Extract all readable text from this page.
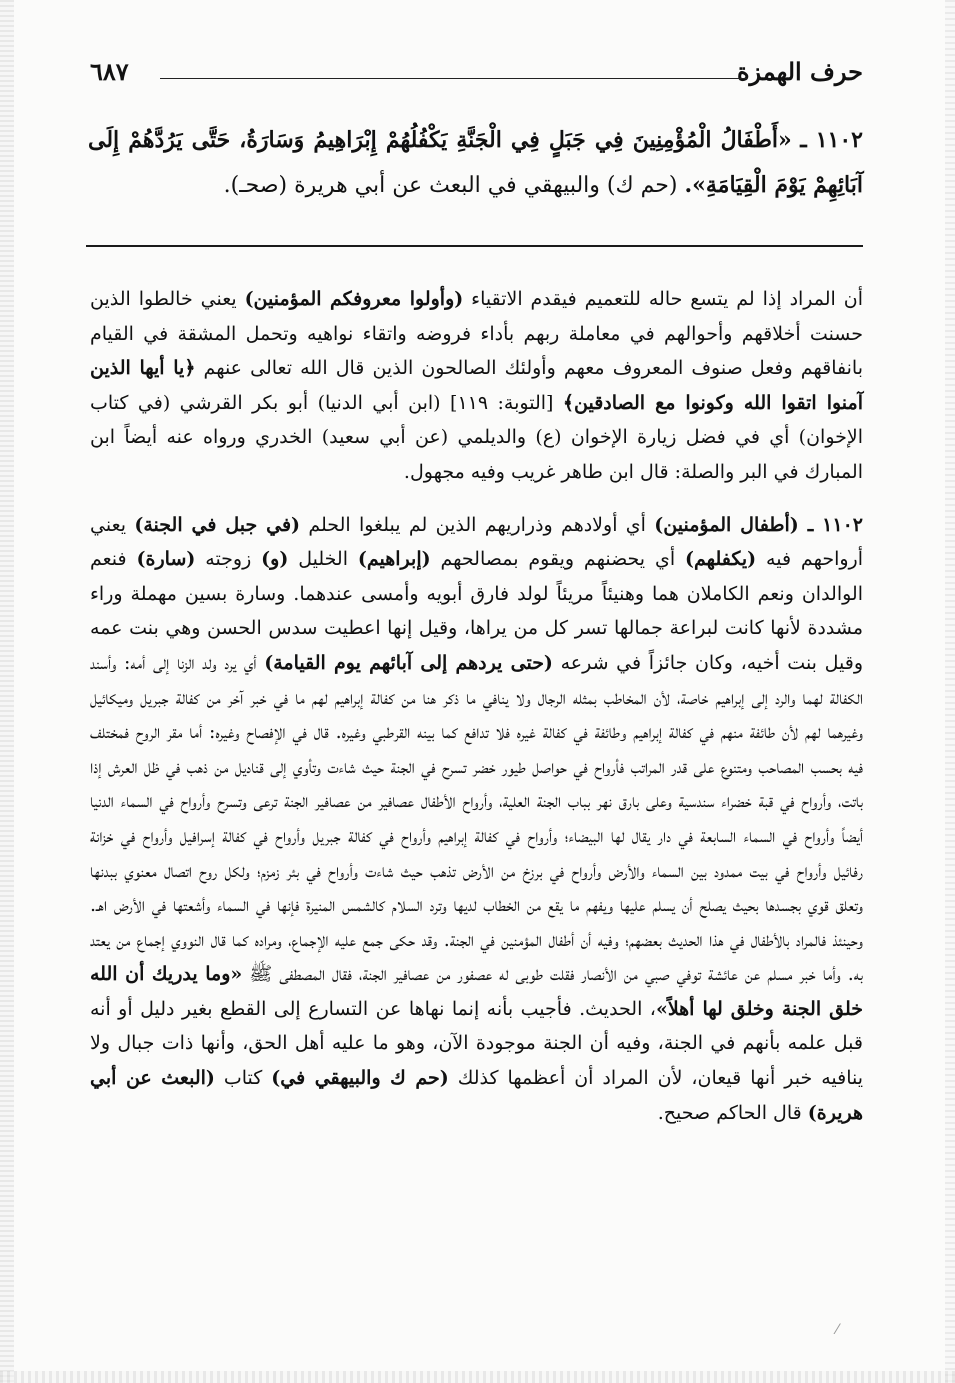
حرف الهمزة
٦٨٧
١١٠٢ ـ «أَطْفَالُ الْمُؤْمِنِينَ فِي جَبَلٍ فِي الْجَنَّةِ يَكْفُلُهُمْ إِبْرَاهِيمُ وَسَارَةُ، حَتَّى يَرُدَّهُمْ إِلَى آبَائِهِمْ يَوْمَ الْقِيَامَةِ». (حم ك) والبيهقي في البعث عن أبي هريرة (صحـ).

أن المراد إذا لم يتسع حاله للتعميم فيقدم الاتقياء (وأولوا معروفكم المؤمنين) يعني خالطوا الذين حسنت أخلاقهم وأحوالهم في معاملة ربهم بأداء فروضه واتقاء نواهيه وتحمل المشقة في القيام بانفاقهم وفعل صنوف المعروف معهم وأولئك الصالحون الذين قال الله تعالى عنهم ﴿يا أيها الذين آمنوا اتقوا الله وكونوا مع الصادقين﴾ [التوبة: ١١٩] (ابن أبي الدنيا) أبو بكر القرشي (في كتاب الإخوان) أي في فضل زيارة الإخوان (ع) والديلمي (عن أبي سعيد) الخدري ورواه عنه أيضاً ابن المبارك في البر والصلة: قال ابن طاهر غريب وفيه مجهول.

١١٠٢ ـ (أطفال المؤمنين) أي أولادهم وذراريهم الذين لم يبلغوا الحلم (في جبل في الجنة) يعني أرواحهم فيه (يكفلهم) أي يحضنهم ويقوم بمصالحهم (إبراهيم) الخليل (و) زوجته (سارة) فنعم الوالدان ونعم الكاملان هما وهنيئاً مريئاً لولد فارق أبويه وأمسى عندهما. وسارة بسين مهملة وراء مشددة لأنها كانت لبراعة جمالها تسر كل من يراها، وقيل إنها اعطيت سدس الحسن وهي بنت عمه وقيل بنت أخيه، وكان جائزاً في شرعه (حتى يردهم إلى آبائهم يوم القيامة) أي يرد ولد الزنا إلى أمه: وأسند الكفالة لهما والرد إلى إبراهيم خاصة، لأن المخاطب بمثله الرجال ولا ينافي ما ذكر هنا من كفالة إبراهيم لهم ما في خبر آخر من كفالة جبريل وميكائيل وغيرهما لهم لأن طائفة منهم في كفالة إبراهيم وطائفة في كفالة غيره فلا تدافع كما بينه القرطبي وغيره. قال في الإفصاح وغيره: أما مقر الروح فمختلف فيه بحسب المصاحب ومتنوع على قدر المراتب فأرواح في حواصل طيور خضر تسرح في الجنة حيث شاءت وتأوي إلى قناديل من ذهب في ظل العرش إذا باتت، وأرواح في قبة خضراء سندسية وعلى بارق نهر بباب الجنة العلية، وأرواح الأطفال عصافير من عصافير الجنة ترعى وتسرح وأرواح في السماء الدنيا أيضاً وأرواح في السماء السابعة في دار يقال لها البيضاء؛ وأرواح في كفالة إبراهيم وأرواح في كفالة جبريل وأرواح في كفالة إسرافيل وأرواح في خزانة رفائيل وأرواح في بيت ممدود بين السماء والأرض وأرواح في برزخ من الأرض تذهب حيث شاءت وأرواح في بئر زمزم؛ ولكل روح اتصال معنوي ببدنها وتعلق قوي بجسدها بحيث يصلح أن يسلم عليها ويفهم ما يقع من الخطاب لديها وترد السلام كالشمس المنيرة فإنها في السماء وأشعتها في الأرض اهـ. وحينئذ فالمراد بالأطفال في هذا الحديث بعضهم؛ وفيه أن أطفال المؤمنين في الجنة. وقد حكى جمع عليه الإجماع، ومراده كما قال النووي إجماع من يعتد به. وأما خبر مسلم عن عائشة توفي صبي من الأنصار فقلت طوبى له عصفور من عصافير الجنة، فقال المصطفى ﷺ «وما يدريك أن الله خلق الجنة وخلق لها أهلاً»، الحديث. فأجيب بأنه إنما نهاها عن التسارع إلى القطع بغير دليل أو أنه قبل علمه بأنهم في الجنة، وفيه أن الجنة موجودة الآن، وهو ما عليه أهل الحق، وأنها ذات جبال ولا ينافيه خبر أنها قيعان، لأن المراد أن أعظمها كذلك (حم ك والبيهقي في) كتاب (البعث عن أبي هريرة) قال الحاكم صحيح.

⁄
